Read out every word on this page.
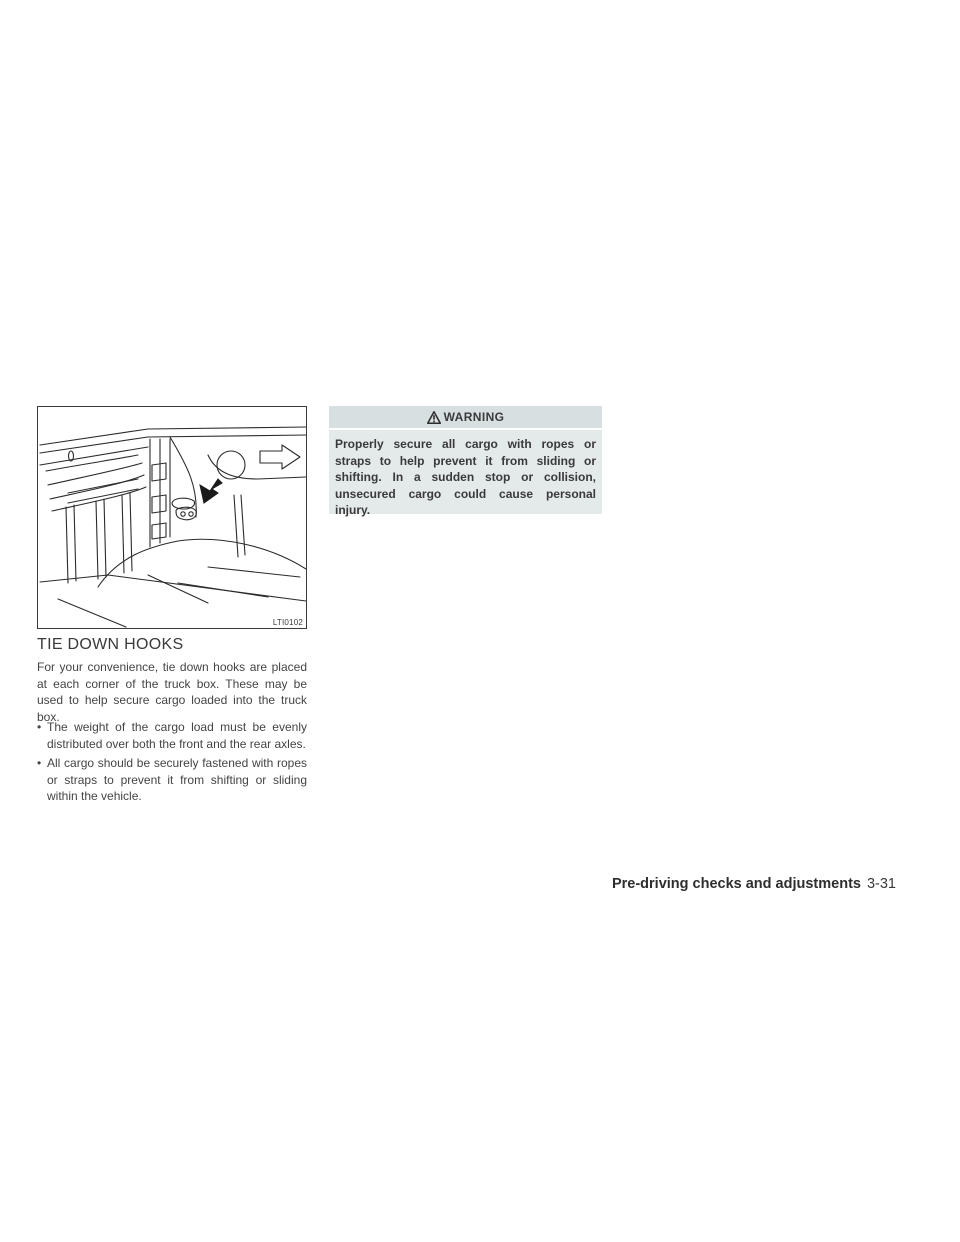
LTI0102
TIE DOWN HOOKS

For your convenience, tie down hooks are placed at each corner of the truck box. These may be used to help secure cargo loaded into the truck box.

• The weight of the cargo load must be evenly distributed over both the front and the rear axles.
• All cargo should be securely fastened with ropes or straps to prevent it from shifting or sliding within the vehicle.
WARNING
Properly secure all cargo with ropes or straps to help prevent it from sliding or shifting. In a sudden stop or collision, unsecured cargo could cause personal injury.
Pre-driving checks and adjustments 3-31
